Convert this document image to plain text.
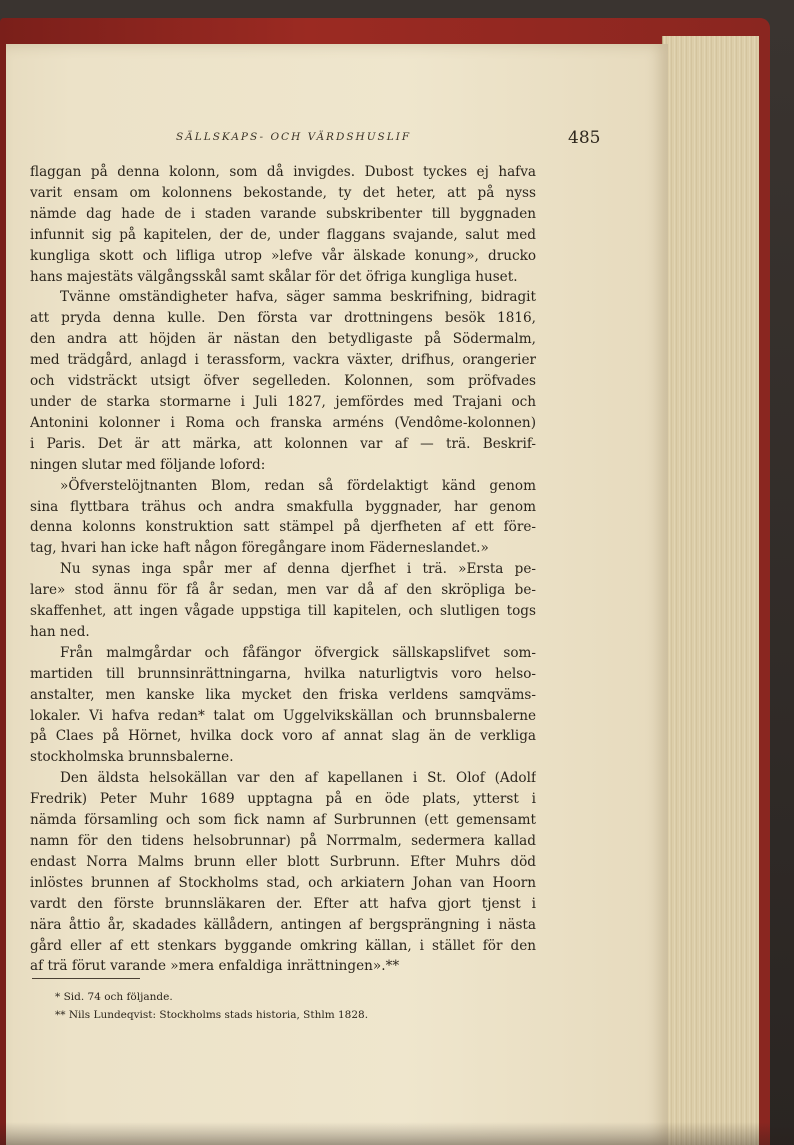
SÄLLSKAPS- OCH VÄRDSHUSLIF	485
flaggan på denna kolonn, som då invigdes. Dubost tyckes ej hafva
varit ensam om kolonnens bekostande, ty det heter, att på nyss
nämde dag hade de i staden varande subskribenter till byggnaden
infunnit sig på kapitelen, der de, under flaggans svajande, salut med
kungliga skott och lifliga utrop »lefve vår älskade konung», drucko
hans majestäts välgångsskål samt skålar för det öfriga kungliga huset.
Tvänne omständigheter hafva, säger samma beskrifning, bidragit
att pryda denna kulle. Den första var drottningens besök 1816,
den andra att höjden är nästan den betydligaste på Södermalm,
med trädgård, anlagd i terassform, vackra växter, drifhus, orangerier
och vidsträckt utsigt öfver segelleden. Kolonnen, som pröfvades
under de starka stormarne i Juli 1827, jemfördes med Trajani och
Antonini kolonner i Roma och franska arméns (Vendôme-kolonnen)
i Paris. Det är att märka, att kolonnen var af — trä. Beskrif-
ningen slutar med följande loford:
»Öfverstelöjtnanten Blom, redan så fördelaktigt känd genom
sina flyttbara trähus och andra smakfulla byggnader, har genom
denna kolonns konstruktion satt stämpel på djerfheten af ett före-
tag, hvari han icke haft någon föregångare inom Fäderneslandet.»
Nu synas inga spår mer af denna djerfhet i trä. »Ersta pe-
lare» stod ännu för få år sedan, men var då af den skröpliga be-
skaffenhet, att ingen vågade uppstiga till kapitelen, och slutligen togs
han ned.
Från malmgårdar och fåfängor öfvergick sällskapslifvet som-
martiden till brunnsinrättningarna, hvilka naturligtvis voro helso-
anstalter, men kanske lika mycket den friska verldens samqväms-
lokaler. Vi hafva redan* talat om Uggelvikskällan och brunnsbalerne
på Claes på Hörnet, hvilka dock voro af annat slag än de verkliga
stockholmska brunnsbalerne.
Den äldsta helsokällan var den af kapellanen i St. Olof (Adolf
Fredrik) Peter Muhr 1689 upptagna på en öde plats, ytterst i
nämda församling och som fick namn af Surbrunnen (ett gemensamt
namn för den tidens helsobrunnar) på Norrmalm, sedermera kallad
endast Norra Malms brunn eller blott Surbrunn. Efter Muhrs död
inlöstes brunnen af Stockholms stad, och arkiatern Johan van Hoorn
vardt den förste brunnsläkaren der. Efter att hafva gjort tjenst i
nära åttio år, skadades källådern, antingen af bergsprängning i nästa
gård eller af ett stenkars byggande omkring källan, i stället för den
af trä förut varande »mera enfaldiga inrättningen».**
* Sid. 74 och följande.
** Nils Lundeqvist: Stockholms stads historia, Sthlm 1828.
